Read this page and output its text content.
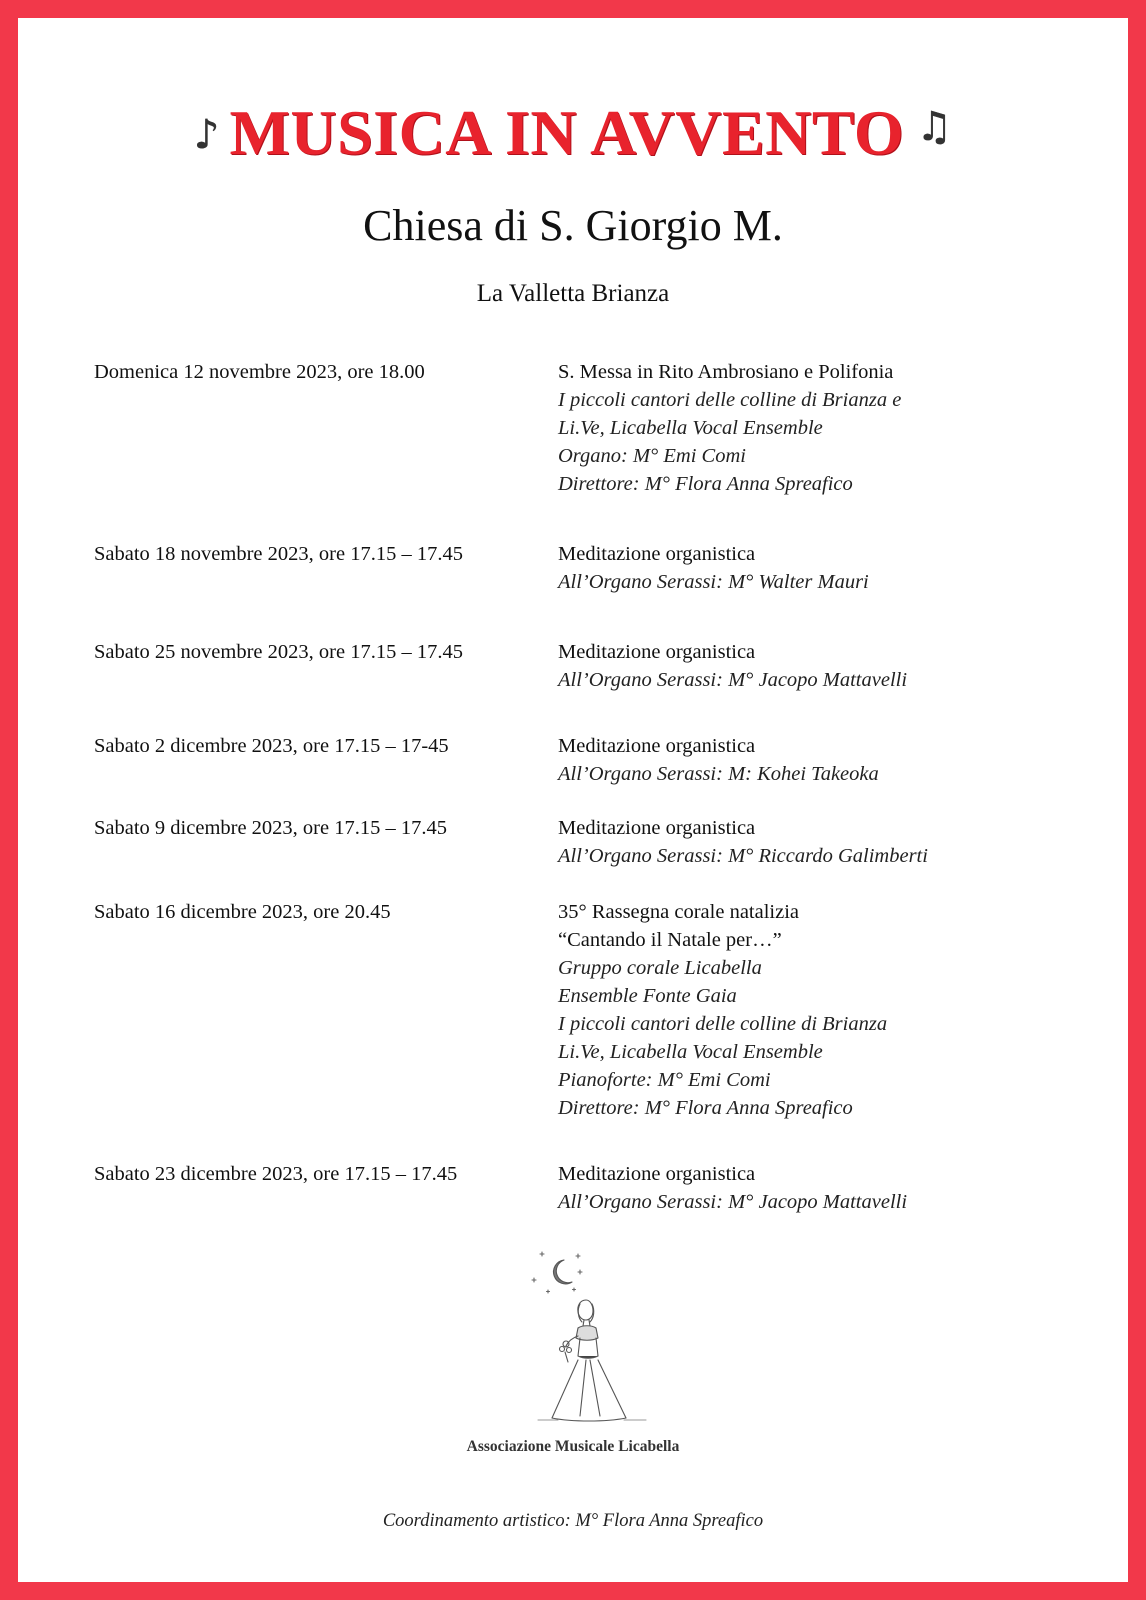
♪ MUSICA IN AVVENTO ♫
Chiesa di S. Giorgio M.
La Valletta Brianza
Domenica 12 novembre 2023, ore 18.00	S. Messa in Rito Ambrosiano e Polifonia
I piccoli cantori delle colline di Brianza e
Li.Ve, Licabella Vocal Ensemble
Organo: M° Emi Comi
Direttore: M° Flora Anna Spreafico
Sabato 18 novembre 2023, ore 17.15 – 17.45	Meditazione organistica
All’Organo Serassi: M° Walter Mauri
Sabato 25 novembre 2023, ore 17.15 – 17.45	Meditazione organistica
All’Organo Serassi: M° Jacopo Mattavelli
Sabato 2 dicembre 2023, ore 17.15 – 17-45	Meditazione organistica
All’Organo Serassi: M: Kohei Takeoka
Sabato 9 dicembre 2023, ore 17.15 – 17.45	Meditazione organistica
All’Organo Serassi: M° Riccardo Galimberti
Sabato 16 dicembre 2023, ore 20.45	35° Rassegna corale natalizia
“Cantando il Natale per…”
Gruppo corale Licabella
Ensemble Fonte Gaia
I piccoli cantori delle colline di Brianza
Li.Ve, Licabella Vocal Ensemble
Pianoforte: M° Emi Comi
Direttore: M° Flora Anna Spreafico
Sabato 23 dicembre 2023, ore 17.15 – 17.45	Meditazione organistica
All’Organo Serassi: M° Jacopo Mattavelli
Associazione Musicale Licabella
Coordinamento artistico: M° Flora Anna Spreafico
